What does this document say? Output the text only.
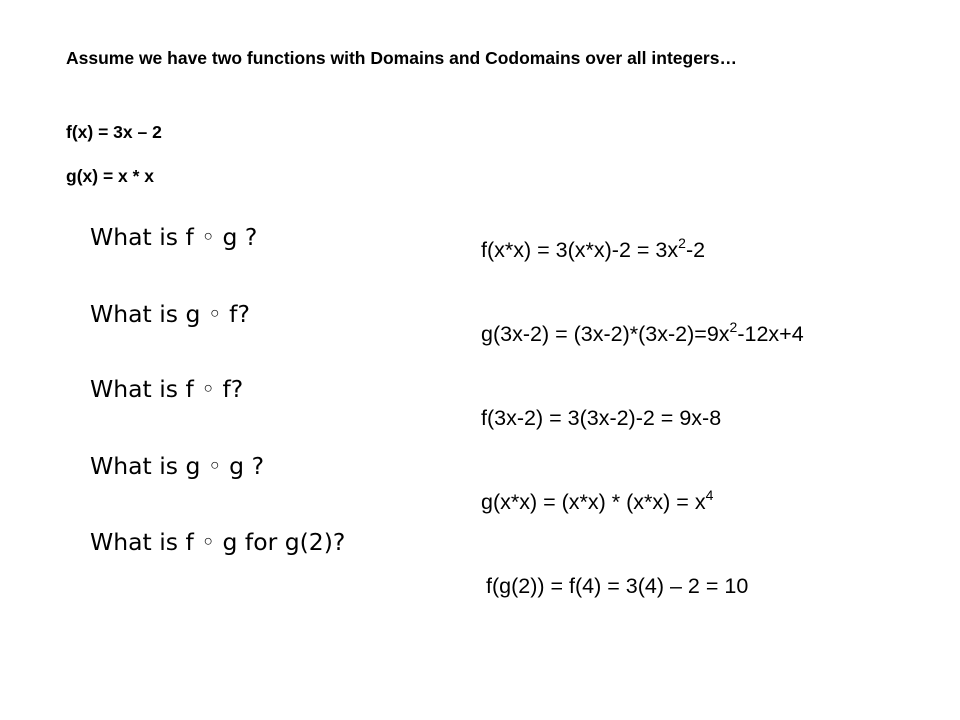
Assume we have two functions with Domains and Codomains over all integers…
f(x) = 3x – 2
g(x) = x * x
What is f ◦ g ?
What is g ◦ f?
What is f ◦ f?
What is g ◦ g ?
What is f ◦ g for g(2)?
$f(x*x) = 3(x*x)-2 = 3x^2-2$
$g(3x-2) = (3x-2)*(3x-2)=9x^2-12x+4$
f(3x-2) = 3(3x-2)-2 = 9x-8
$g(x*x) = (x*x) * (x*x) = x^4$
f(g(2)) = f(4) = 3(4) – 2 = 10
